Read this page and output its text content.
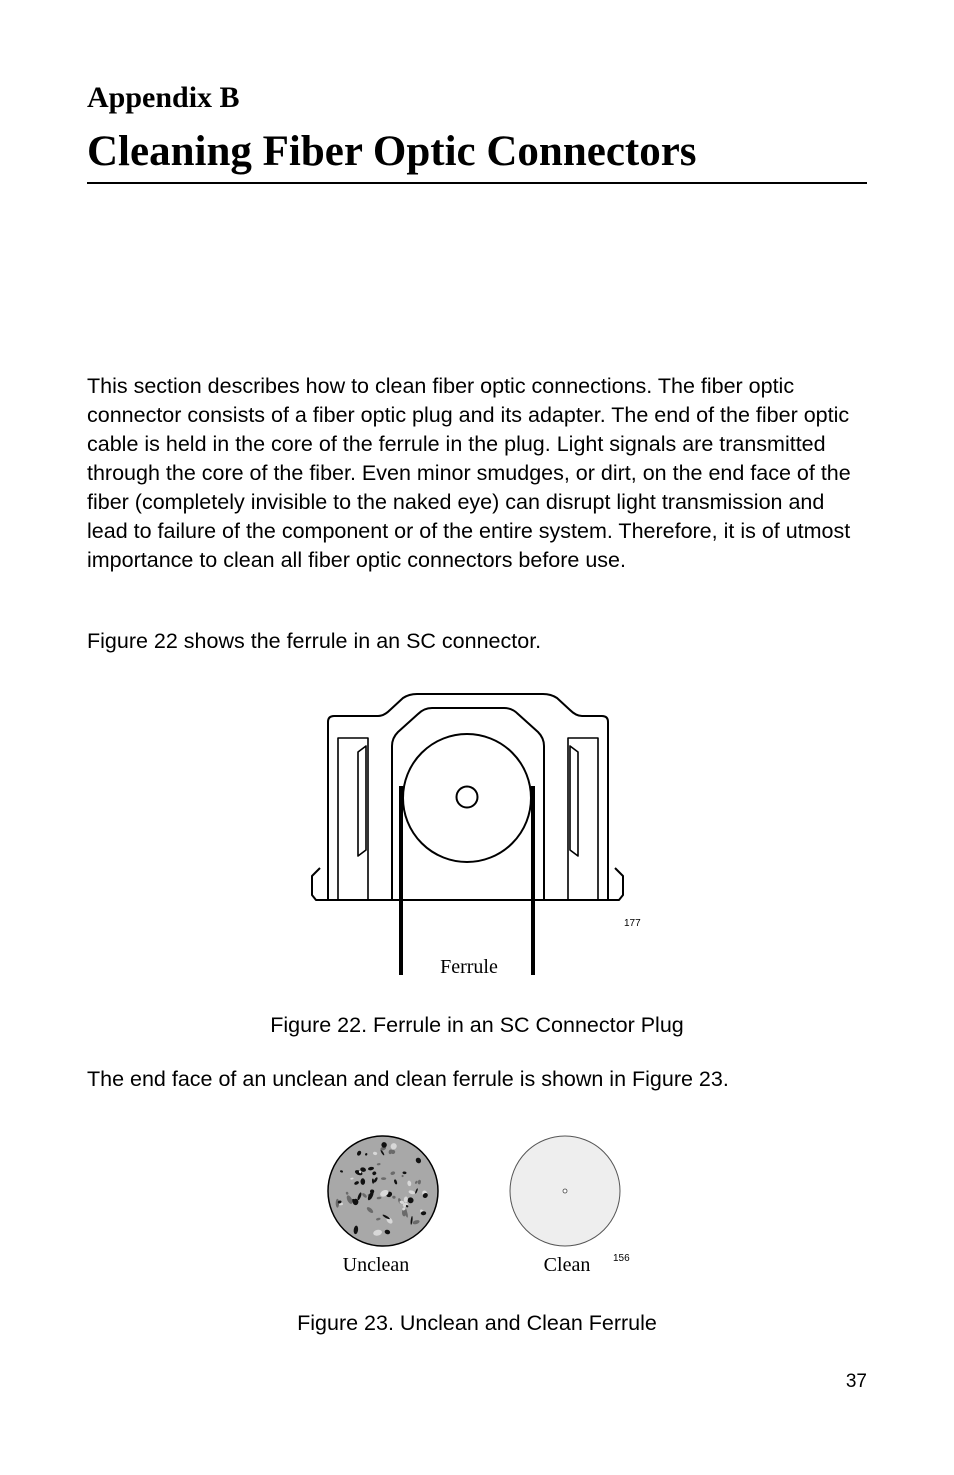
Appendix B
Cleaning Fiber Optic Connectors

This section describes how to clean fiber optic connections. The fiber optic connector consists of a fiber optic plug and its adapter. The end of the fiber optic cable is held in the core of the ferrule in the plug. Light signals are transmitted through the core of the fiber. Even minor smudges, or dirt, on the end face of the fiber (completely invisible to the naked eye) can disrupt light transmission and lead to failure of the component or of the entire system. Therefore, it is of utmost importance to clean all fiber optic connectors before use.

Figure 22 shows the ferrule in an SC connector.

Ferrule
177
Figure 22. Ferrule in an SC Connector Plug

The end face of an unclean and clean ferrule is shown in Figure 23.

Unclean	Clean 156
Figure 23. Unclean and Clean Ferrule
37
